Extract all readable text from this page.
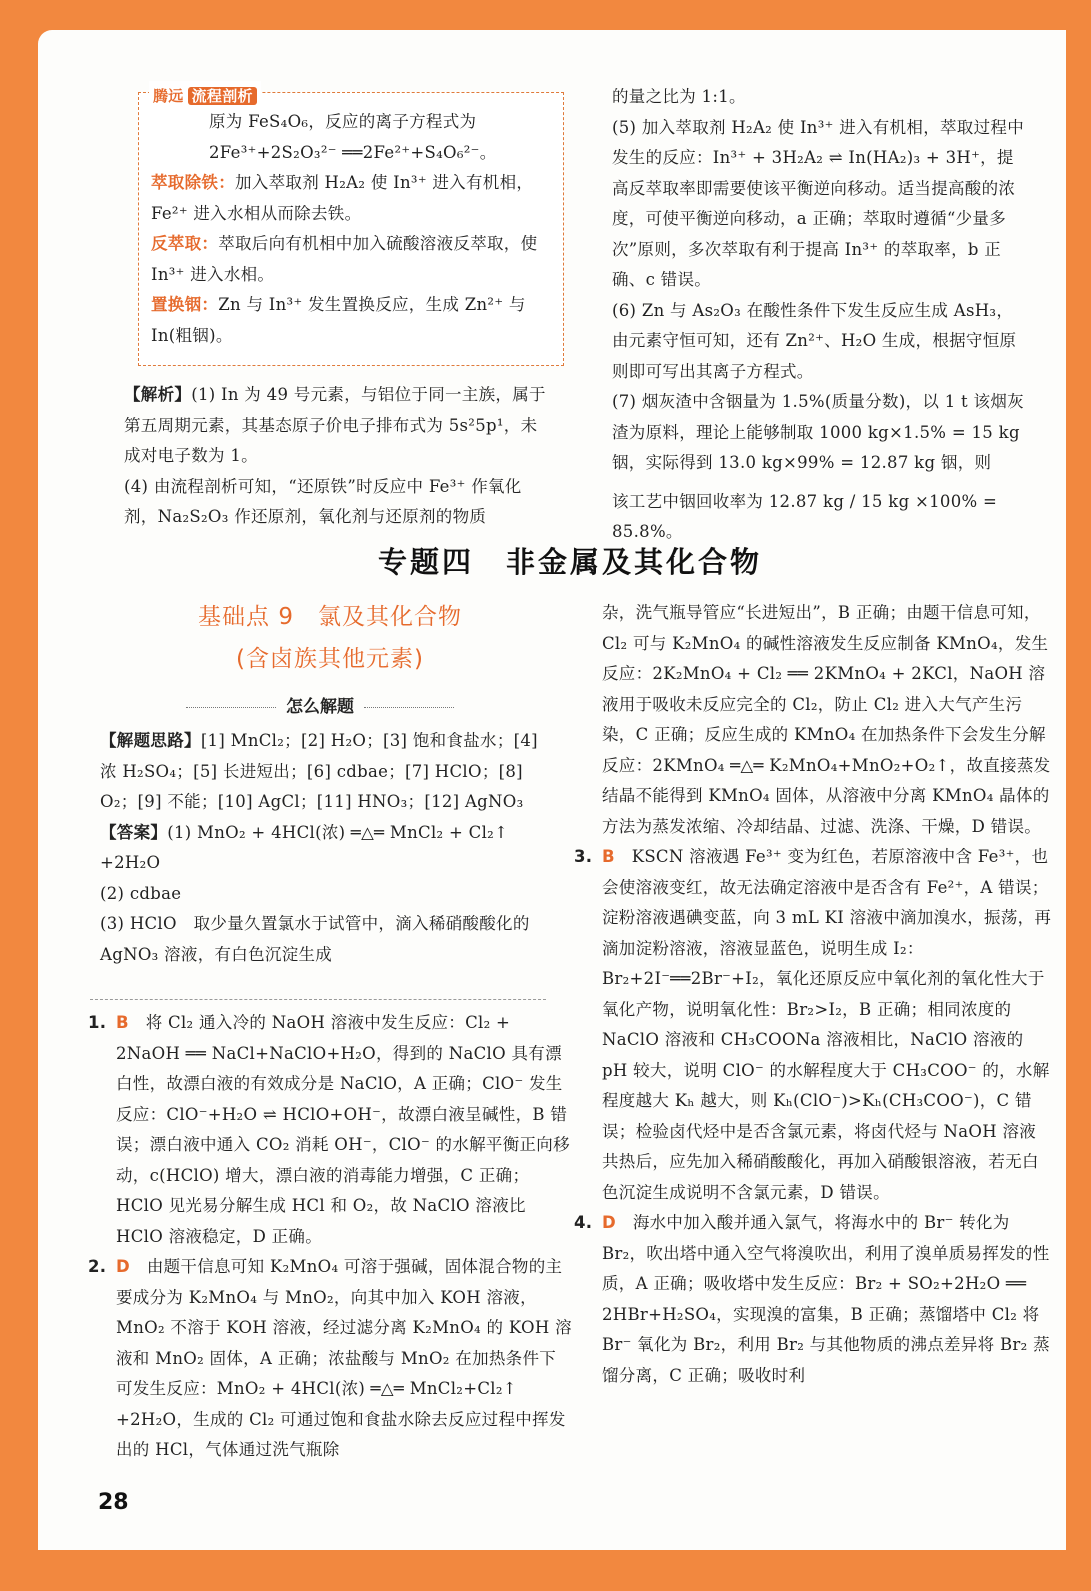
腾远 流程剖析

原为 FeS₄O₆，反应的离子方程式为

2Fe³⁺+2S₂O₃²⁻ ══2Fe²⁺+S₄O₆²⁻。

萃取除铁：加入萃取剂 H₂A₂ 使 In³⁺ 进入有机相，Fe²⁺ 进入水相从而除去铁。

反萃取：萃取后向有机相中加入硫酸溶液反萃取，使 In³⁺ 进入水相。

置换铟：Zn 与 In³⁺ 发生置换反应，生成 Zn²⁺ 与 In(粗铟)。

【解析】(1) In 为 49 号元素，与铝位于同一主族，属于第五周期元素，其基态原子价电子排布式为 5s²5p¹，未成对电子数为 1。

(4) 由流程剖析可知，“还原铁”时反应中 Fe³⁺ 作氧化剂，Na₂S₂O₃ 作还原剂，氧化剂与还原剂的物质

的量之比为 1:1。

(5) 加入萃取剂 H₂A₂ 使 In³⁺ 进入有机相，萃取过程中发生的反应：In³⁺ + 3H₂A₂ ⇌ In(HA₂)₃ + 3H⁺，提高反萃取率即需要使该平衡逆向移动。适当提高酸的浓度，可使平衡逆向移动，a 正确；萃取时遵循“少量多次”原则，多次萃取有利于提高 In³⁺ 的萃取率，b 正确、c 错误。

(6) Zn 与 As₂O₃ 在酸性条件下发生反应生成 AsH₃，由元素守恒可知，还有 Zn²⁺、H₂O 生成，根据守恒原则即可写出其离子方程式。

(7) 烟灰渣中含铟量为 1.5%(质量分数)，以 1 t 该烟灰渣为原料，理论上能够制取 1000 kg×1.5% = 15 kg 铟，实际得到 13.0 kg×99% = 12.87 kg 铟，则

该工艺中铟回收率为 12.87 kg / 15 kg ×100% = 85.8%。

专题四　非金属及其化合物
基础点 9　氯及其化合物
(含卤族其他元素)
怎么解题

【解题思路】[1] MnCl₂；[2] H₂O；[3] 饱和食盐水；[4] 浓 H₂SO₄；[5] 长进短出；[6] cdbae；[7] HClO；[8] O₂；[9] 不能；[10] AgCl；[11] HNO₃；[12] AgNO₃

【答案】(1) MnO₂ + 4HCl(浓) ═△═ MnCl₂ + Cl₂↑ +2H₂O

(2) cdbae

(3) HClO　取少量久置氯水于试管中，滴入稀硝酸酸化的 AgNO₃ 溶液，有白色沉淀生成

1. B　 将 Cl₂ 通入冷的 NaOH 溶液中发生反应：Cl₂ + 2NaOH ══ NaCl+NaClO+H₂O，得到的 NaClO 具有漂白性，故漂白液的有效成分是 NaClO，A 正确；ClO⁻ 发生反应：ClO⁻+H₂O ⇌ HClO+OH⁻，故漂白液呈碱性，B 错误；漂白液中通入 CO₂ 消耗 OH⁻，ClO⁻ 的水解平衡正向移动，c(HClO) 增大，漂白液的消毒能力增强，C 正确；HClO 见光易分解生成 HCl 和 O₂，故 NaClO 溶液比 HClO 溶液稳定，D 正确。

2. D　 由题干信息可知 K₂MnO₄ 可溶于强碱，固体混合物的主要成分为 K₂MnO₄ 与 MnO₂，向其中加入 KOH 溶液，MnO₂ 不溶于 KOH 溶液，经过滤分离 K₂MnO₄ 的 KOH 溶液和 MnO₂ 固体，A 正确；浓盐酸与 MnO₂ 在加热条件下可发生反应：MnO₂ + 4HCl(浓) ═△═ MnCl₂+Cl₂↑ +2H₂O，生成的 Cl₂ 可通过饱和食盐水除去反应过程中挥发出的 HCl，气体通过洗气瓶除

杂，洗气瓶导管应“长进短出”，B 正确；由题干信息可知，Cl₂ 可与 K₂MnO₄ 的碱性溶液发生反应制备 KMnO₄，发生反应：2K₂MnO₄ + Cl₂ ══ 2KMnO₄ + 2KCl，NaOH 溶液用于吸收未反应完全的 Cl₂，防止 Cl₂ 进入大气产生污染，C 正确；反应生成的 KMnO₄ 在加热条件下会发生分解反应：2KMnO₄ ═△═ K₂MnO₄+MnO₂+O₂↑，故直接蒸发结晶不能得到 KMnO₄ 固体，从溶液中分离 KMnO₄ 晶体的方法为蒸发浓缩、冷却结晶、过滤、洗涤、干燥，D 错误。

3. B　 KSCN 溶液遇 Fe³⁺ 变为红色，若原溶液中含 Fe³⁺，也会使溶液变红，故无法确定溶液中是否含有 Fe²⁺，A 错误；淀粉溶液遇碘变蓝，向 3 mL KI 溶液中滴加溴水，振荡，再滴加淀粉溶液，溶液显蓝色，说明生成 I₂：Br₂+2I⁻══2Br⁻+I₂，氧化还原反应中氧化剂的氧化性大于氧化产物，说明氧化性：Br₂>I₂，B 正确；相同浓度的 NaClO 溶液和 CH₃COONa 溶液相比，NaClO 溶液的 pH 较大，说明 ClO⁻ 的水解程度大于 CH₃COO⁻ 的，水解程度越大 Kₕ 越大，则 Kₕ(ClO⁻)>Kₕ(CH₃COO⁻)，C 错误；检验卤代烃中是否含氯元素，将卤代烃与 NaOH 溶液共热后，应先加入稀硝酸酸化，再加入硝酸银溶液，若无白色沉淀生成说明不含氯元素，D 错误。

4. D　 海水中加入酸并通入氯气，将海水中的 Br⁻ 转化为 Br₂，吹出塔中通入空气将溴吹出，利用了溴单质易挥发的性质，A 正确；吸收塔中发生反应：Br₂ + SO₂+2H₂O ══ 2HBr+H₂SO₄，实现溴的富集，B 正确；蒸馏塔中 Cl₂ 将 Br⁻ 氧化为 Br₂，利用 Br₂ 与其他物质的沸点差异将 Br₂ 蒸馏分离，C 正确；吸收时利

28
